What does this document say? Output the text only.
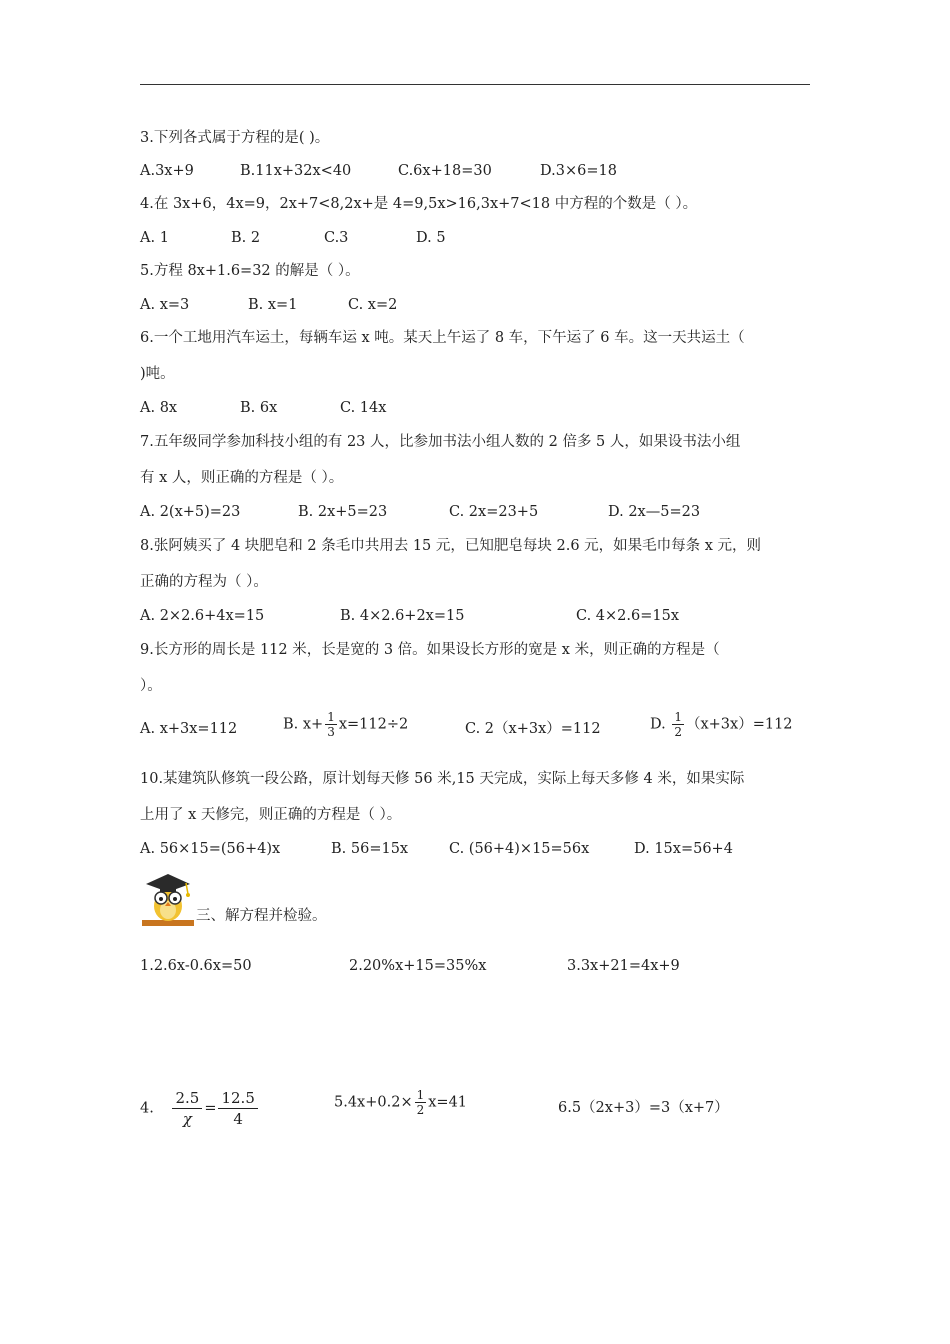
3.下列各式属于方程的是( )。
A.3x+9	B.11x+32x<40	C.6x+18=30	D.3×6=18
4.在 3x+6，4x=9，2x+7<8,2x+是 4=9,5x>16,3x+7<18 中方程的个数是（ ）。
A. 1	B. 2	C.3	D. 5
5.方程 8x+1.6=32 的解是（ ）。
A. x=3	B. x=1	C. x=2
6.一个工地用汽车运土，每辆车运 x 吨。某天上午运了 8 车，下午运了 6 车。这一天共运土（
)吨。
A. 8x	B. 6x	C. 14x
7.五年级同学参加科技小组的有 23 人，比参加书法小组人数的 2 倍多 5 人，如果设书法小组
有 x 人，则正确的方程是（ ）。
A. 2(x+5)=23	B. 2x+5=23	C. 2x=23+5	D. 2x—5=23
8.张阿姨买了 4 块肥皂和 2 条毛巾共用去 15 元，已知肥皂每块 2.6 元，如果毛巾每条 x 元，则
正确的方程为（ ）。
A. 2×2.6+4x=15	B. 4×2.6+2x=15	C. 4×2.6=15x
9.长方形的周长是 112 米，长是宽的 3 倍。如果设长方形的宽是 x 米，则正确的方程是（
）。
A. x+3x=112	B. $x+ \frac{1}{3} x=112\div 2$	C. 2（x+3x）=112	D. $\frac{1}{2} (x+3x)=112$
10.某建筑队修筑一段公路，原计划每天修 56 米,15 天完成，实际上每天多修 4 米，如果实际
上用了 x 天修完，则正确的方程是（ ）。
A. 56×15=(56+4)x	B. 56=15x	C. (56+4)×15=56x	D. 15x=56+4
三、解方程并检验。
1.2.6x-0.6x=50	2.20%x+15=35%x	3.3x+21=4x+9
4. $\frac{2.5}{\chi} = \frac{12.5}{4}$	$5.4x+0.2\times \frac{1}{2} x=41$	6.5（2x+3）=3（x+7）
